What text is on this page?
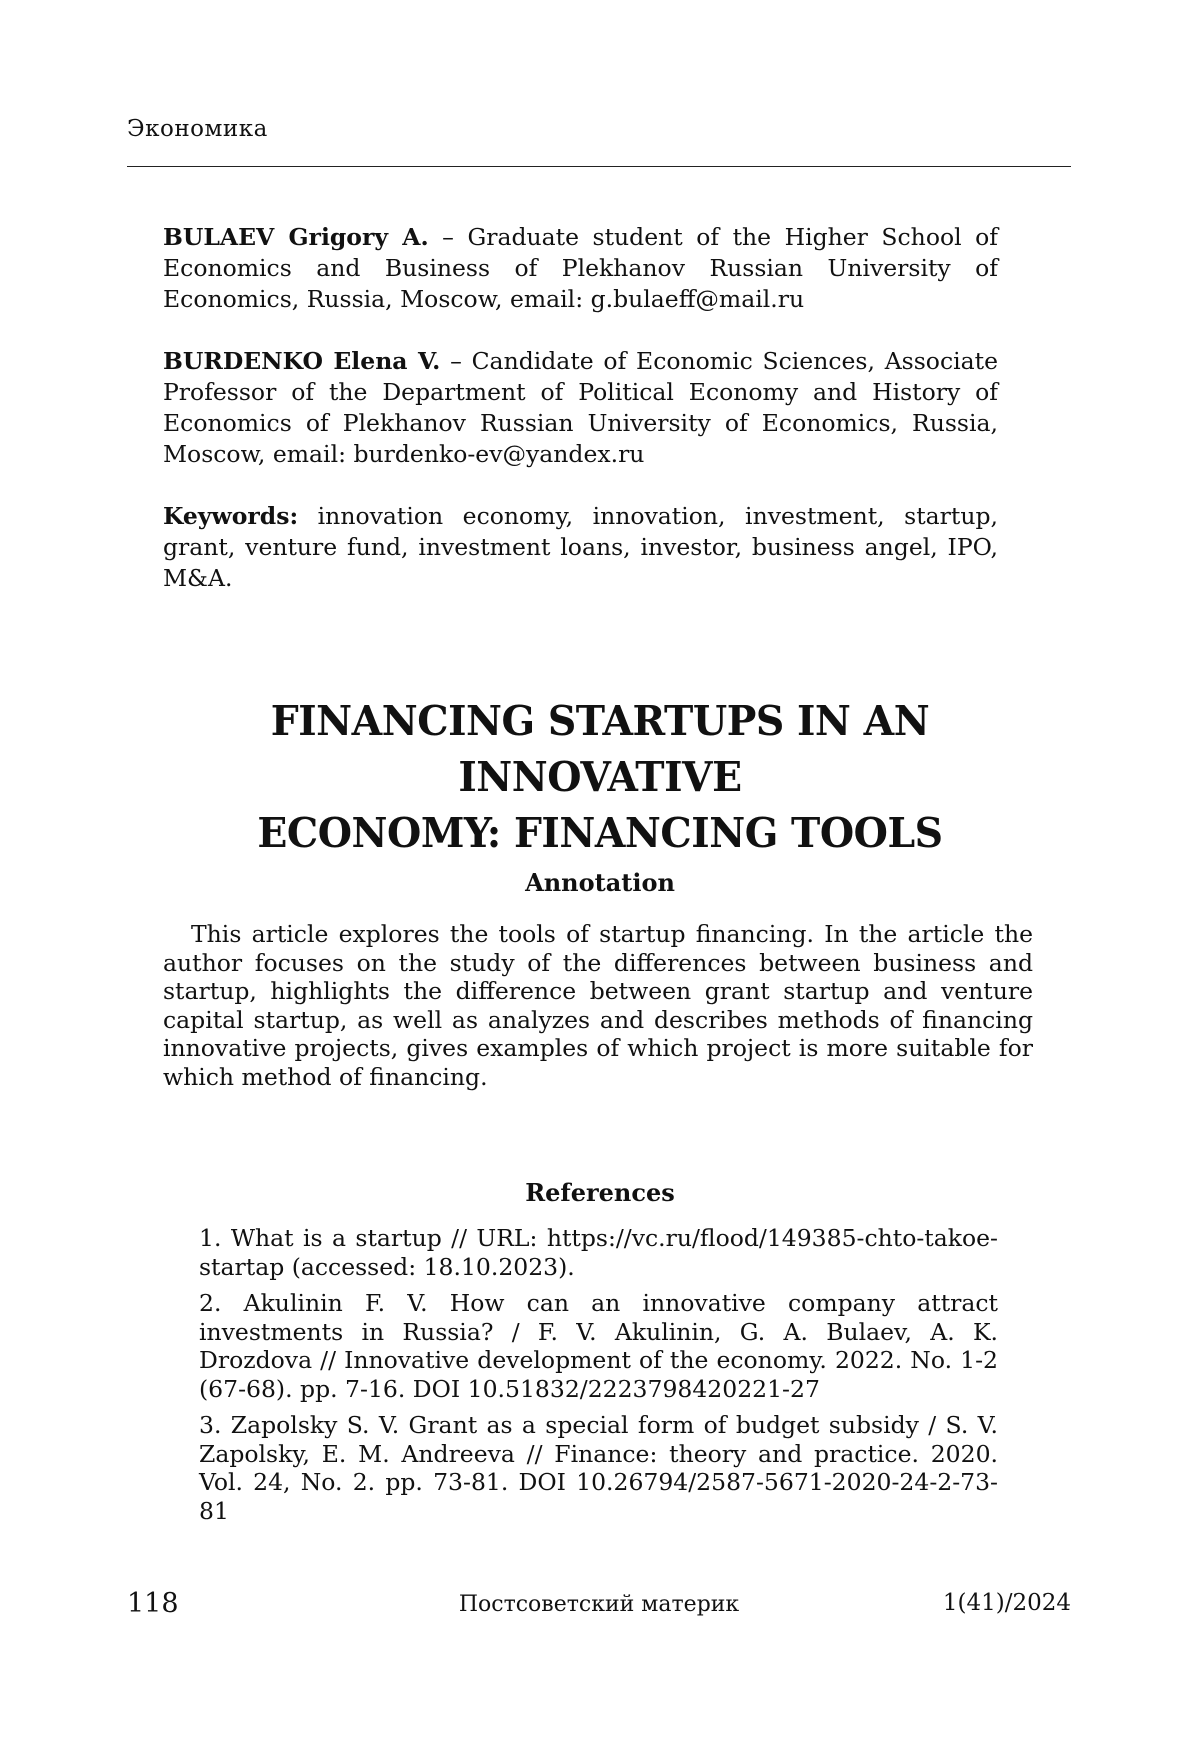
Экономика

BULAEV Grigory A. – Graduate student of the Higher School of Economics and Business of Plekhanov Russian University of Economics, Russia, Moscow, email: g.bulaeff@mail.ru

BURDENKO Elena V. – Candidate of Economic Sciences, Associate Professor of the Department of Political Economy and History of Economics of Plekhanov Russian University of Economics, Russia, Moscow, email: burdenko-ev@yandex.ru

Keywords: innovation economy, innovation, investment, startup, grant, venture fund, investment loans, investor, business angel, IPO, M&A.

FINANCING STARTUPS IN AN INNOVATIVE
ECONOMY: FINANCING TOOLS
Annotation
This article explores the tools of startup financing. In the article the author focuses on the study of the differences between business and startup, highlights the difference between grant startup and venture capital startup, as well as analyzes and describes methods of financing innovative projects, gives examples of which project is more suitable for which method of financing.
References

1. What is a startup // URL: https://vc.ru/flood/149385-chto-takoe-startap (accessed: 18.10.2023).

2. Akulinin F. V. How can an innovative company attract investments in Russia? / F. V. Akulinin, G. A. Bulaev, A. K. Drozdova // Innovative development of the economy. 2022. No. 1-2 (67-68). pp. 7-16. DOI 10.51832/2223798420221-27

3. Zapolsky S. V. Grant as a special form of budget subsidy / S. V. Zapolsky, E. M. Andreeva // Finance: theory and practice. 2020. Vol. 24, No. 2. pp. 73-81. DOI 10.26794/2587-5671-2020-24-2-73-81

118	Постсоветский материк	1(41)/2024
